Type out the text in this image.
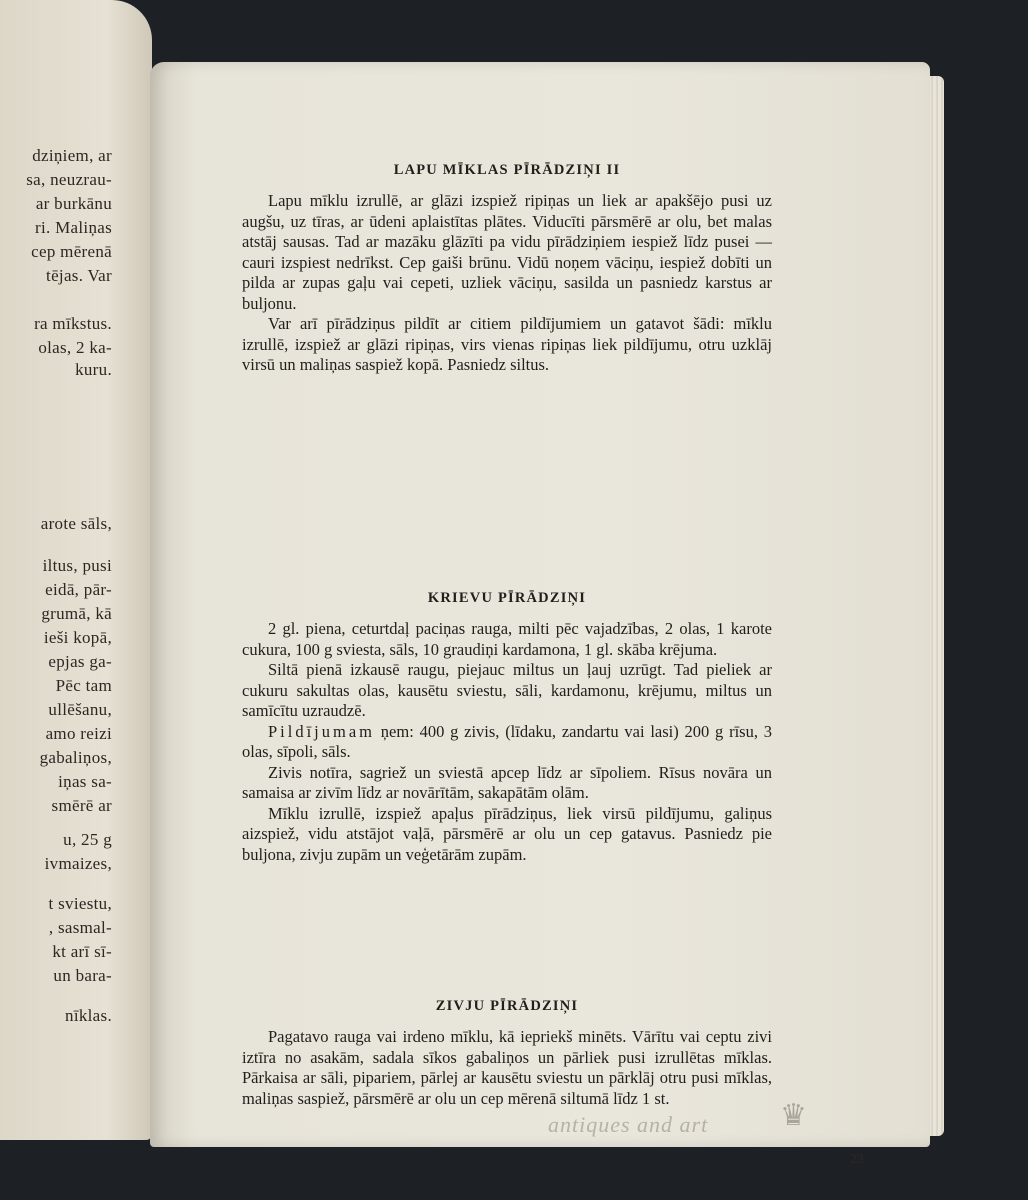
dziņiem, ar
sa, neuzrau-
ar burkānu
ri. Maliņas
cep mērenā
tējas. Var
ra mīkstus.
olas, 2 ka-
kuru.
arote sāls,
iltus, pusi
eidā, pār-
grumā, kā
ieši kopā,
epjas ga-
Pēc tam
ullēšanu,
amo reizi
gabaliņos,
iņas sa-
smērē ar
u, 25 g
ivmaizes,
t sviestu,
, sasmal-
kt arī sī-
un bara-
nīklas.
LAPU MĪKLAS PĪRĀDZIŅI II

Lapu mīklu izrullē, ar glāzi izspiež ripiņas un liek ar apakšējo pusi uz augšu, uz tīras, ar ūdeni aplaistītas plātes. Viducīti pārsmērē ar olu, bet malas atstāj sausas. Tad ar mazāku glāzīti pa vidu pīrādziņiem iespiež līdz pusei — cauri izspiest nedrīkst. Cep gaiši brūnu. Vidū noņem vāciņu, iespiež dobīti un pilda ar zupas gaļu vai cepeti, uzliek vāciņu, sasilda un pasniedz karstus ar buljonu.

Var arī pīrādziņus pildīt ar citiem pildījumiem un gatavot šādi: mīklu izrullē, izspiež ar glāzi ripiņas, virs vienas ripiņas liek pildījumu, otru uzklāj virsū un maliņas saspiež kopā. Pasniedz siltus.

KRIEVU PĪRĀDZIŅI

2 gl. piena, ceturtdaļ paciņas rauga, milti pēc vajadzības, 2 olas, 1 karote cukura, 100 g sviesta, sāls, 10 graudiņi kardamona, 1 gl. skāba krējuma.

Siltā pienā izkausē raugu, piejauc miltus un ļauj uzrūgt. Tad pieliek ar cukuru sakultas olas, kausētu sviestu, sāli, kardamonu, krējumu, miltus un samīcītu uzraudzē.

Pildījumam ņem: 400 g zivis, (līdaku, zandartu vai lasi) 200 g rīsu, 3 olas, sīpoli, sāls.

Zivis notīra, sagriež un sviestā apcep līdz ar sīpoliem. Rīsus novāra un samaisa ar zivīm līdz ar novārītām, sakapātām olām.

Mīklu izrullē, izspiež apaļus pīrādziņus, liek virsū pildījumu, galiņus aizspiež, vidu atstājot vaļā, pārsmērē ar olu un cep gatavus. Pasniedz pie buljona, zivju zupām un veģetārām zupām.

ZIVJU PĪRĀDZIŅI

Pagatavo rauga vai irdeno mīklu, kā iepriekš minēts. Vārītu vai ceptu zivi iztīra no asakām, sadala sīkos gabaliņos un pārliek pusi izrullētas mīklas. Pārkaisa ar sāli, pipariem, pārlej ar kausētu sviestu un pārklāj otru pusi mīklas, maliņas saspiež, pārsmērē ar olu un cep mērenā siltumā līdz 1 st.

23
antiques and art ♛
